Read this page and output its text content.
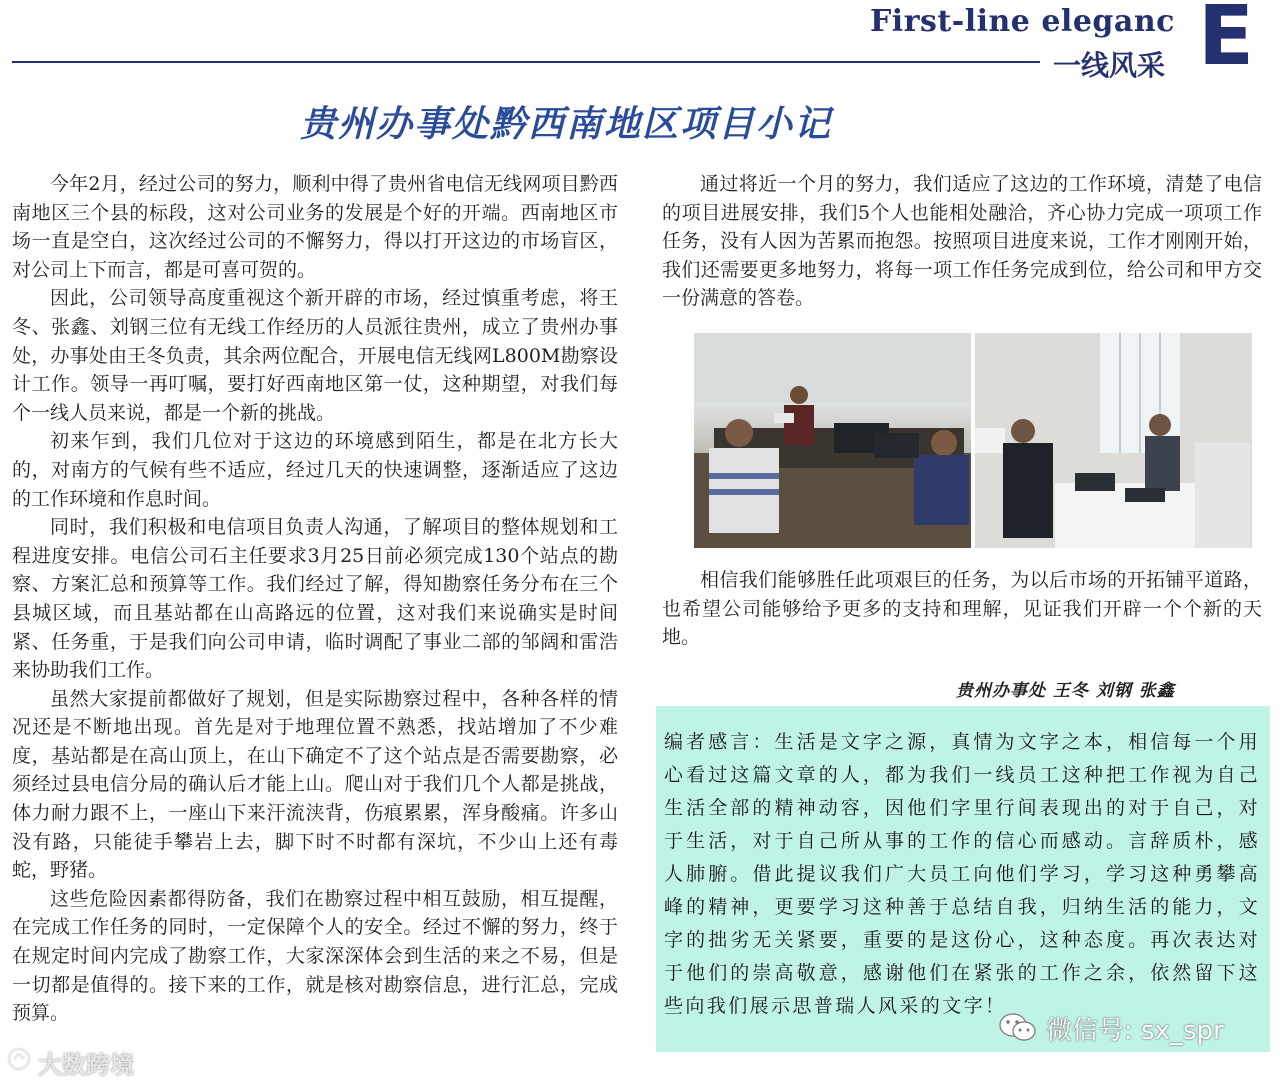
First-line eleganc
一线风采 E
贵州办事处黔西南地区项目小记

今年2月，经过公司的努力，顺利中得了贵州省电信无线网项目黔西南地区三个县的标段，这对公司业务的发展是个好的开端。西南地区市场一直是空白，这次经过公司的不懈努力，得以打开这边的市场盲区，对公司上下而言，都是可喜可贺的。

因此，公司领导高度重视这个新开辟的市场，经过慎重考虑，将王冬、张鑫、刘钢三位有无线工作经历的人员派往贵州，成立了贵州办事处，办事处由王冬负责，其余两位配合，开展电信无线网L800M勘察设计工作。领导一再叮嘱，要打好西南地区第一仗，这种期望，对我们每个一线人员来说，都是一个新的挑战。

初来乍到，我们几位对于这边的环境感到陌生，都是在北方长大的，对南方的气候有些不适应，经过几天的快速调整，逐渐适应了这边的工作环境和作息时间。

同时，我们积极和电信项目负责人沟通，了解项目的整体规划和工程进度安排。电信公司石主任要求3月25日前必须完成130个站点的勘察、方案汇总和预算等工作。我们经过了解，得知勘察任务分布在三个县城区域，而且基站都在山高路远的位置，这对我们来说确实是时间紧、任务重，于是我们向公司申请，临时调配了事业二部的邹阔和雷浩来协助我们工作。

虽然大家提前都做好了规划，但是实际勘察过程中，各种各样的情况还是不断地出现。首先是对于地理位置不熟悉，找站增加了不少难度，基站都是在高山顶上，在山下确定不了这个站点是否需要勘察，必须经过县电信分局的确认后才能上山。爬山对于我们几个人都是挑战，体力耐力跟不上，一座山下来汗流浃背，伤痕累累，浑身酸痛。许多山没有路，只能徒手攀岩上去，脚下时不时都有深坑，不少山上还有毒蛇，野猪。

这些危险因素都得防备，我们在勘察过程中相互鼓励，相互提醒，在完成工作任务的同时，一定保障个人的安全。经过不懈的努力，终于在规定时间内完成了勘察工作，大家深深体会到生活的来之不易，但是一切都是值得的。接下来的工作，就是核对勘察信息，进行汇总，完成预算。

通过将近一个月的努力，我们适应了这边的工作环境，清楚了电信的项目进展安排，我们5个人也能相处融洽，齐心协力完成一项项工作任务，没有人因为苦累而抱怨。按照项目进度来说，工作才刚刚开始，我们还需要更多地努力，将每一项工作任务完成到位，给公司和甲方交一份满意的答卷。

相信我们能够胜任此项艰巨的任务，为以后市场的开拓铺平道路，也希望公司能够给予更多的支持和理解，见证我们开辟一个个新的天地。

贵州办事处 王冬 刘钢 张鑫

编者感言：生活是文字之源，真情为文字之本，相信每一个用心看过这篇文章的人，都为我们一线员工这种把工作视为自己生活全部的精神动容，因他们字里行间表现出的对于自己，对于生活，对于自己所从事的工作的信心而感动。言辞质朴，感人肺腑。借此提议我们广大员工向他们学习，学习这种勇攀高峰的精神，更要学习这种善于总结自我，归纳生活的能力，文字的拙劣无关紧要，重要的是这份心，这种态度。再次表达对于他们的崇高敬意，感谢他们在紧张的工作之余，依然留下这些向我们展示思普瑞人风采的文字！

微信号: sx_spr
大数跨境
